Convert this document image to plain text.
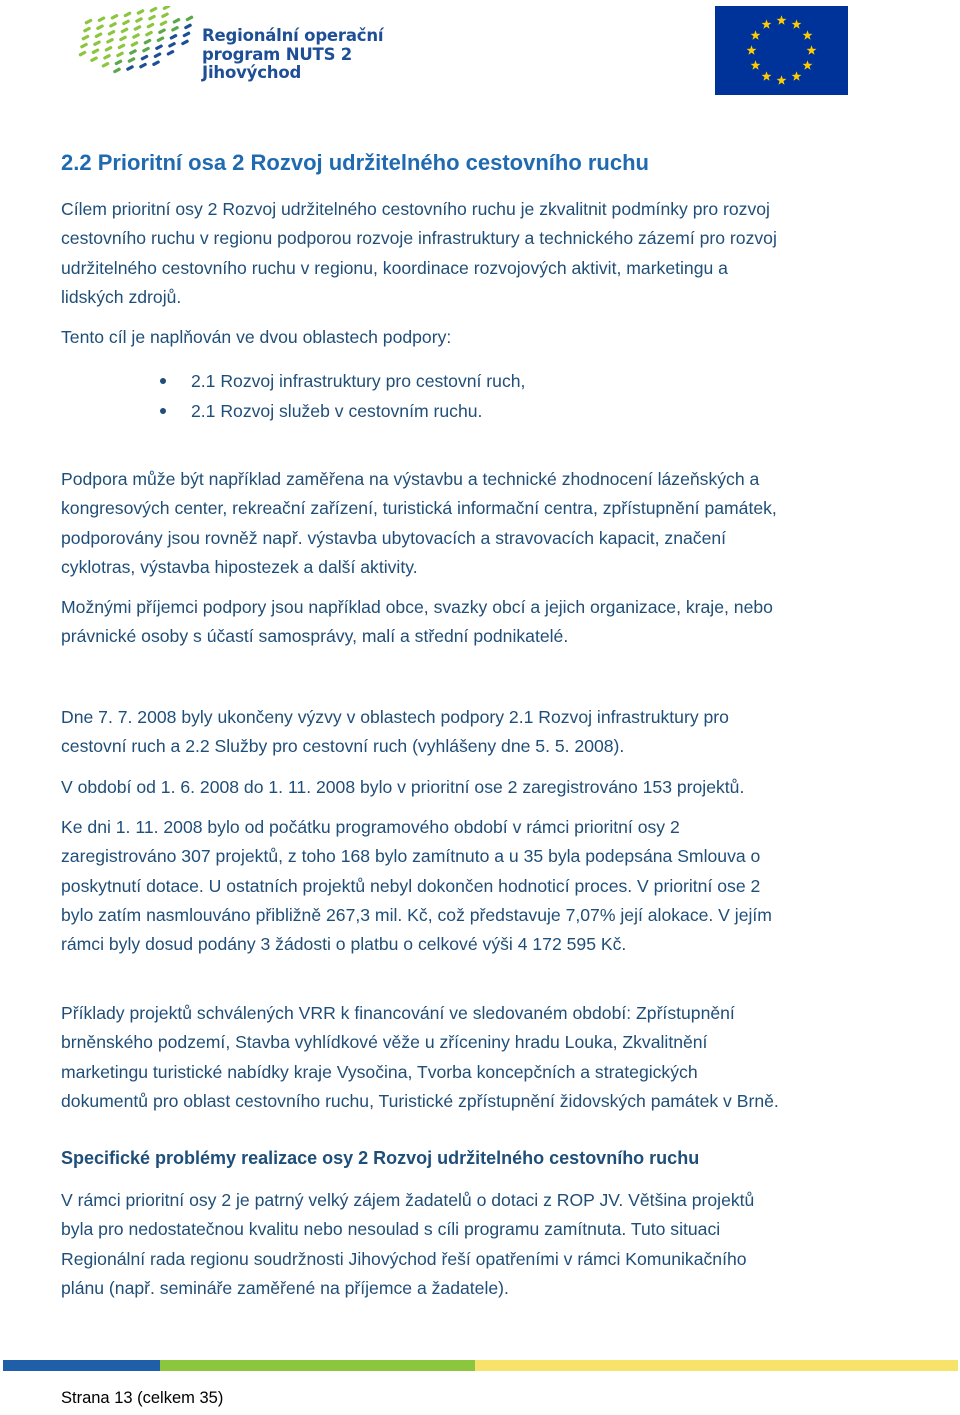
Regionální operační
program NUTS 2
Jihovýchod
2.2 Prioritní osa 2 Rozvoj udržitelného cestovního ruchu
Cílem prioritní osy 2 Rozvoj udržitelného cestovního ruchu je zkvalitnit podmínky pro rozvoj
cestovního ruchu v regionu podporou rozvoje infrastruktury a technického zázemí pro rozvoj
udržitelného cestovního ruchu v regionu, koordinace rozvojových aktivit, marketingu a
lidských zdrojů.
Tento cíl je naplňován ve dvou oblastech podpory:
2.1 Rozvoj infrastruktury pro cestovní ruch,
2.1 Rozvoj služeb v cestovním ruchu.
Podpora může být například zaměřena na výstavbu a technické zhodnocení lázeňských a
kongresových center, rekreační zařízení, turistická informační centra, zpřístupnění památek,
podporovány jsou rovněž např. výstavba ubytovacích a stravovacích kapacit, značení
cyklotras, výstavba hipostezek a další aktivity.
Možnými příjemci podpory jsou například obce, svazky obcí a jejich organizace, kraje, nebo
právnické osoby s účastí samosprávy, malí a střední podnikatelé.
Dne 7. 7. 2008 byly ukončeny výzvy v oblastech podpory 2.1 Rozvoj infrastruktury pro
cestovní ruch a 2.2 Služby pro cestovní ruch (vyhlášeny dne 5. 5. 2008).
V období od 1. 6. 2008 do 1. 11. 2008 bylo v prioritní ose 2 zaregistrováno 153 projektů.
Ke dni 1. 11. 2008 bylo od počátku programového období v rámci prioritní osy 2
zaregistrováno 307 projektů, z toho 168 bylo zamítnuto a u 35 byla podepsána Smlouva o
poskytnutí dotace. U ostatních projektů nebyl dokončen hodnoticí proces. V prioritní ose 2
bylo zatím nasmlouváno přibližně 267,3 mil. Kč, což představuje 7,07% její alokace. V jejím
rámci byly dosud podány 3 žádosti o platbu o celkové výši 4 172 595 Kč.
Příklady projektů schválených VRR k financování ve sledovaném období: Zpřístupnění
brněnského podzemí, Stavba vyhlídkové věže u zříceniny hradu Louka, Zkvalitnění
marketingu turistické nabídky kraje Vysočina, Tvorba koncepčních a strategických
dokumentů pro oblast cestovního ruchu, Turistické zpřístupnění židovských památek v Brně.
Specifické problémy realizace osy 2 Rozvoj udržitelného cestovního ruchu
V rámci prioritní osy 2 je patrný velký zájem žadatelů o dotaci z ROP JV. Většina projektů
byla pro nedostatečnou kvalitu nebo nesoulad s cíli programu zamítnuta. Tuto situaci
Regionální rada regionu soudržnosti Jihovýchod řeší opatřeními v rámci Komunikačního
plánu (např. semináře zaměřené na příjemce a žadatele).
Strana 13 (celkem 35)
